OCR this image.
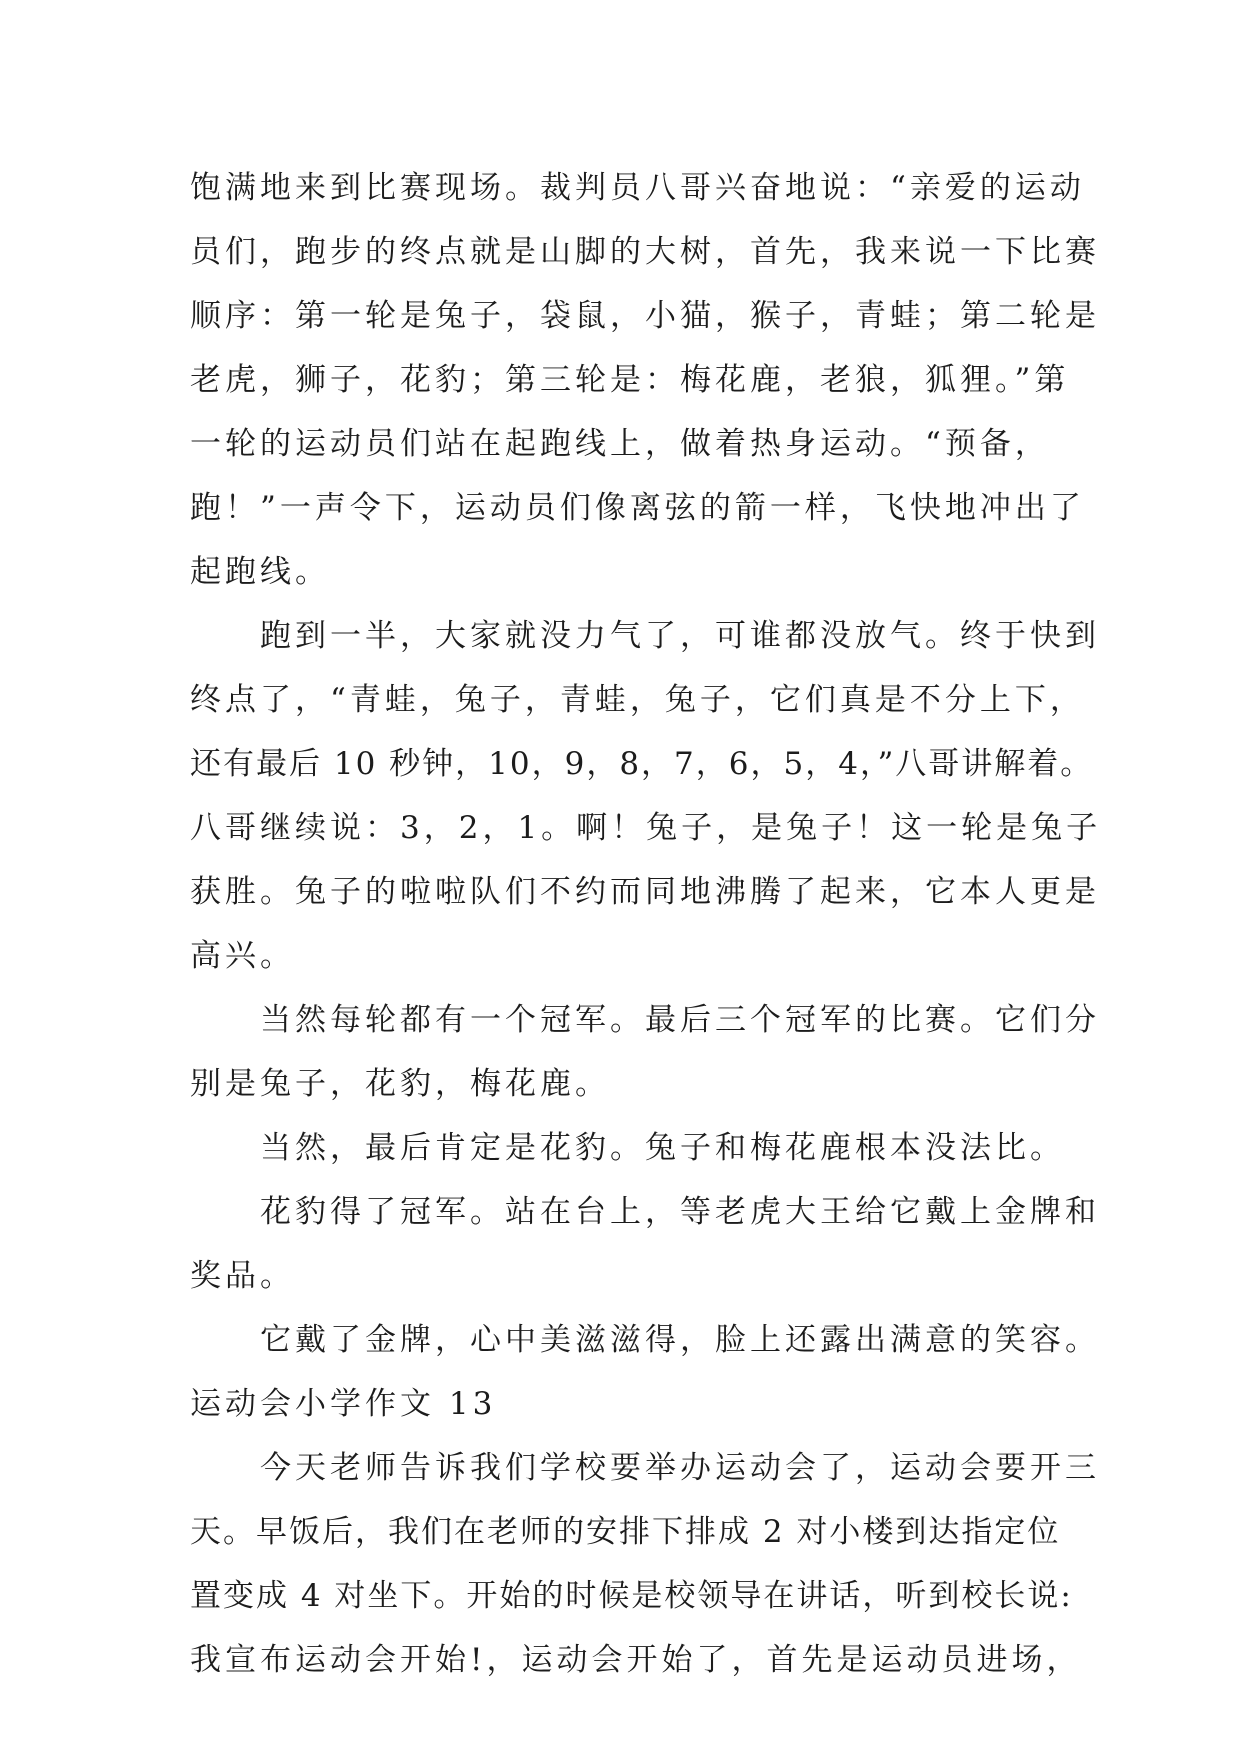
饱满地来到比赛现场。裁判员八哥兴奋地说：“亲爱的运动
员们，跑步的终点就是山脚的大树，首先，我来说一下比赛
顺序：第一轮是兔子，袋鼠，小猫，猴子，青蛙；第二轮是
老虎，狮子，花豹；第三轮是：梅花鹿，老狼，狐狸。”第
一轮的运动员们站在起跑线上，做着热身运动。“预备，
跑！”一声令下，运动员们像离弦的箭一样，飞快地冲出了
起跑线。
　　跑到一半，大家就没力气了，可谁都没放气。终于快到
终点了，“青蛙，兔子，青蛙，兔子，它们真是不分上下，
还有最后 10 秒钟，10，9，8，7，6，5，4，”八哥讲解着。
八哥继续说：3，2，1。啊！兔子，是兔子！这一轮是兔子
获胜。兔子的啦啦队们不约而同地沸腾了起来，它本人更是
高兴。
　　当然每轮都有一个冠军。最后三个冠军的比赛。它们分
别是兔子，花豹，梅花鹿。
　　当然，最后肯定是花豹。兔子和梅花鹿根本没法比。
　　花豹得了冠军。站在台上，等老虎大王给它戴上金牌和
奖品。
　　它戴了金牌，心中美滋滋得，脸上还露出满意的笑容。
运动会小学作文 13
　　今天老师告诉我们学校要举办运动会了，运动会要开三
天。早饭后，我们在老师的安排下排成 2 对小楼到达指定位
置变成 4 对坐下。开始的时候是校领导在讲话，听到校长说:
我宣布运动会开始!，运动会开始了，首先是运动员进场，
